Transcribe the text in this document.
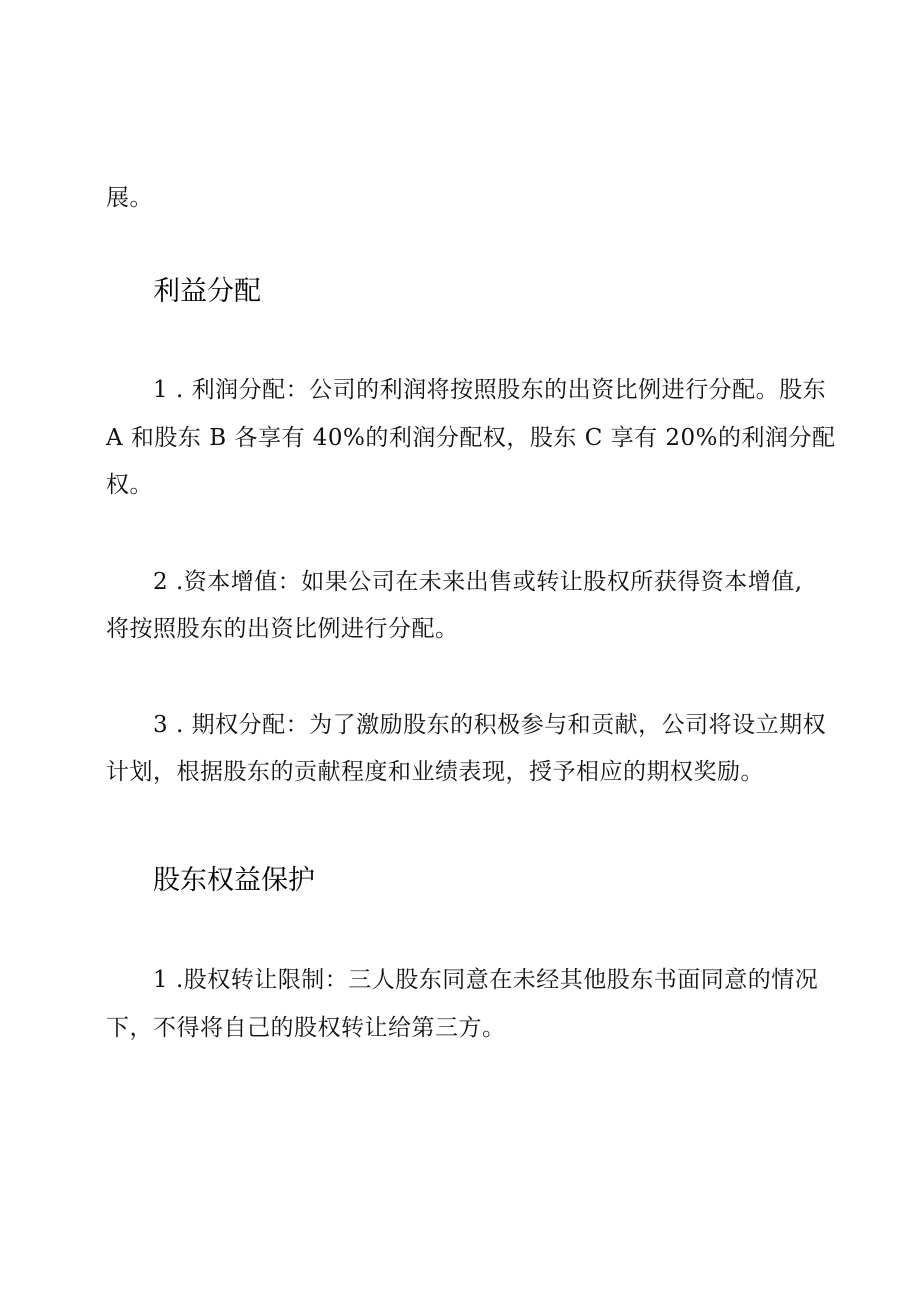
展。
利益分配
1 . 利润分配：公司的利润将按照股东的出资比例进行分配。股东
A 和股东 B 各享有 40%的利润分配权，股东 C 享有 20%的利润分配
权。
2 .资本增值：如果公司在未来出售或转让股权所获得资本增值,
将按照股东的出资比例进行分配。
3 . 期权分配：为了激励股东的积极参与和贡献，公司将设立期权
计划，根据股东的贡献程度和业绩表现，授予相应的期权奖励。
股东权益保护
1 .股权转让限制：三人股东同意在未经其他股东书面同意的情况
下，不得将自己的股权转让给第三方。
